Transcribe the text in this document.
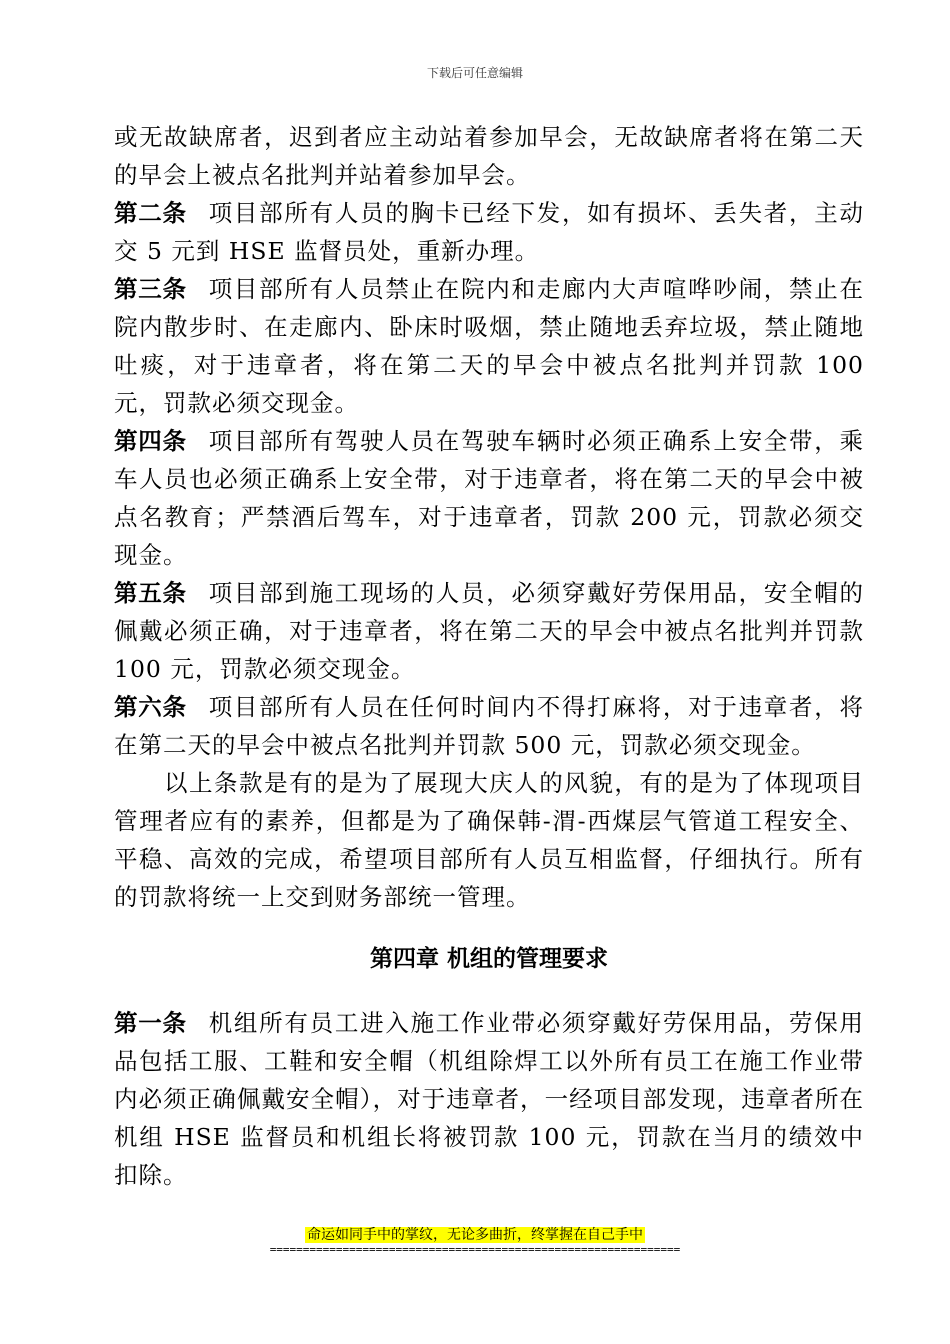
下载后可任意编辑

或无故缺席者，迟到者应主动站着参加早会，无故缺席者将在第二天的早会上被点名批判并站着参加早会。

第二条 项目部所有人员的胸卡已经下发，如有损坏、丢失者，主动交 5 元到 HSE 监督员处，重新办理。

第三条 项目部所有人员禁止在院内和走廊内大声喧哗吵闹，禁止在院内散步时、在走廊内、卧床时吸烟，禁止随地丢弃垃圾，禁止随地吐痰，对于违章者，将在第二天的早会中被点名批判并罚款 100 元，罚款必须交现金。

第四条 项目部所有驾驶人员在驾驶车辆时必须正确系上安全带，乘车人员也必须正确系上安全带，对于违章者，将在第二天的早会中被点名教育；严禁酒后驾车，对于违章者，罚款 200 元，罚款必须交现金。

第五条 项目部到施工现场的人员，必须穿戴好劳保用品，安全帽的佩戴必须正确，对于违章者，将在第二天的早会中被点名批判并罚款 100 元，罚款必须交现金。

第六条 项目部所有人员在任何时间内不得打麻将，对于违章者，将在第二天的早会中被点名批判并罚款 500 元，罚款必须交现金。

以上条款是有的是为了展现大庆人的风貌，有的是为了体现项目管理者应有的素养，但都是为了确保韩-渭-西煤层气管道工程安全、平稳、高效的完成，希望项目部所有人员互相监督，仔细执行。所有的罚款将统一上交到财务部统一管理。

第四章 机组的管理要求

第一条 机组所有员工进入施工作业带必须穿戴好劳保用品，劳保用品包括工服、工鞋和安全帽（机组除焊工以外所有员工在施工作业带内必须正确佩戴安全帽），对于违章者，一经项目部发现，违章者所在机组 HSE 监督员和机组长将被罚款 100 元，罚款在当月的绩效中扣除。

命运如同手中的掌纹，无论多曲折，终掌握在自己手中
==============================================================
